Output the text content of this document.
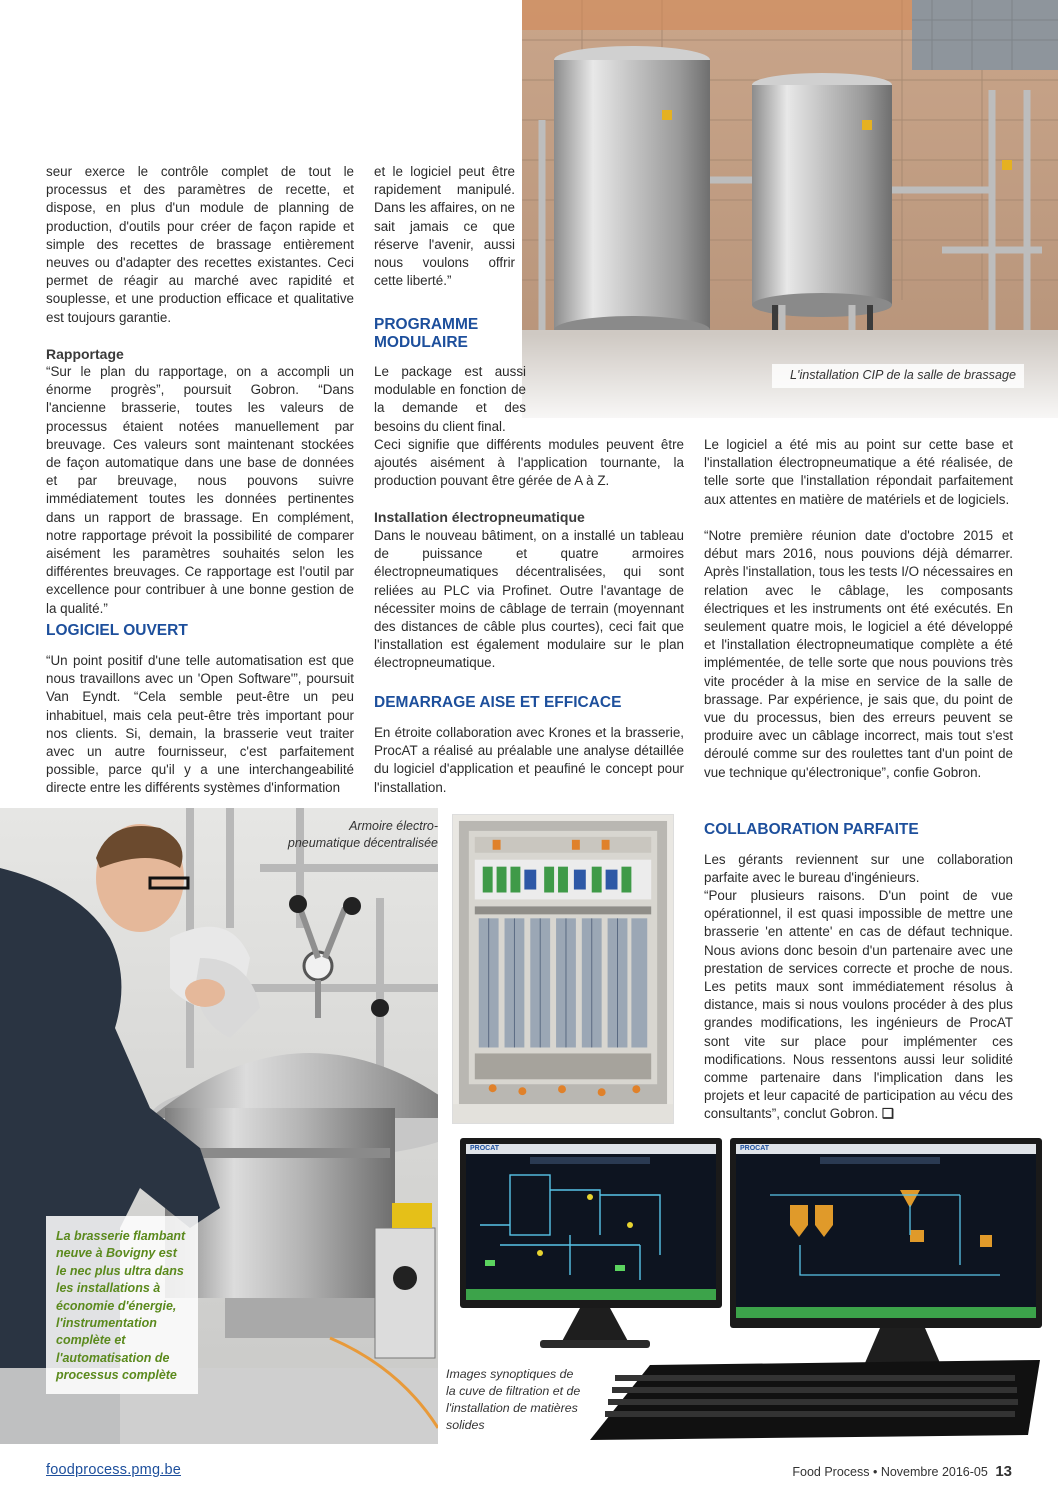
L'installation CIP de la salle de brassage
seur exerce le contrôle complet de tout le processus et des paramètres de recette, et dispose, en plus d'un module de planning de production, d'outils pour créer de façon rapide et simple des recettes de brassage entièrement neuves ou d'adapter des recettes existantes. Ceci permet de réagir au marché avec rapidité et souplesse, et une production efficace et qualitative est toujours garantie.
Rapportage
“Sur le plan du rapportage, on a accompli un énorme progrès”, poursuit Gobron. “Dans l'ancienne brasserie, toutes les valeurs de processus étaient notées manuellement par breuvage. Ces valeurs sont maintenant stockées de façon automatique dans une base de données et par breuvage, nous pouvons suivre immédiatement toutes les données pertinentes dans un rapport de brassage. En complément, notre rapportage prévoit la possibilité de comparer aisément les paramètres souhaités selon les différentes breuvages. Ce rapportage est l'outil par excellence pour contribuer à une bonne gestion de la qualité.”
LOGICIEL OUVERT
“Un point positif d'une telle automatisation est que nous travaillons avec un 'Open Software'”, poursuit Van Eyndt. “Cela semble peut-être un peu inhabituel, mais cela peut-être très important pour nos clients. Si, demain, la brasserie veut traiter avec un autre fournisseur, c'est parfaitement possible, parce qu'il y a une interchangeabilité directe entre les différents systèmes d'information
et le logiciel peut être rapidement manipulé. Dans les affaires, on ne sait jamais ce que réserve l'avenir, aussi nous voulons offrir cette liberté.”
PROGRAMME
MODULAIRE
Le package est aussi modulable en fonction de la demande et des besoins du client final.
Ceci signifie que différents modules peuvent être ajoutés aisément à l'application tournante, la production pouvant être gérée de A à Z.
Installation électropneumatique
Dans le nouveau bâtiment, on a installé un tableau de puissance et quatre armoires électropneumatiques décentralisées, qui sont reliées au PLC via Profinet. Outre l'avantage de nécessiter moins de câblage de terrain (moyennant des distances de câble plus courtes), ceci fait que l'installation est également modulaire sur le plan électropneumatique.
DEMARRAGE AISE ET EFFICACE
En étroite collaboration avec Krones et la brasserie, ProcAT a réalisé au préalable une analyse détaillée du logiciel d'application et peaufiné le concept pour l'installation.
Le logiciel a été mis au point sur cette base et l'installation électropneumatique a été réalisée, de telle sorte que l'installation répondait parfaitement aux attentes en matière de matériels et de logiciels.
“Notre première réunion date d'octobre 2015 et début mars 2016, nous pouvions déjà démarrer. Après l'installation, tous les tests I/O nécessaires en relation avec le câblage, les composants électriques et les instruments ont été exécutés. En seulement quatre mois, le logiciel a été développé et l'installation électropneumatique complète a été implémentée, de telle sorte que nous pouvions très vite procéder à la mise en service de la salle de brassage. Par expérience, je sais que, du point de vue du processus, bien des erreurs peuvent se produire avec un câblage incorrect, mais tout s'est déroulé comme sur des roulettes tant d'un point de vue technique qu'électronique”, confie Gobron.
COLLABORATION PARFAITE
Les gérants reviennent sur une collaboration parfaite avec le bureau d'ingénieurs.
“Pour plusieurs raisons. D'un point de vue opérationnel, il est quasi impossible de mettre une brasserie 'en attente' en cas de défaut technique. Nous avions donc besoin d'un partenaire avec une prestation de services correcte et proche de nous. Les petits maux sont immédiatement résolus à distance, mais si nous voulons procéder à des plus grandes modifications, les ingénieurs de ProcAT sont vite sur place pour implémenter ces modifications. Nous ressentons aussi leur solidité comme partenaire dans l'implication dans les projets et leur capacité de participation au vécu des consultants”, conclut Gobron. ❑
La brasserie flambant neuve à Bovigny est le nec plus ultra dans les installations à économie d'énergie, l'instrumentation complète et l'automatisation de processus complète
Armoire électro-pneumatique décentralisée
PROCAT	PROCAT
Images synoptiques de la cuve de filtration et de l'installation de matières solides
foodprocess.pmg.be	Food Process • Novembre 2016-05 13
